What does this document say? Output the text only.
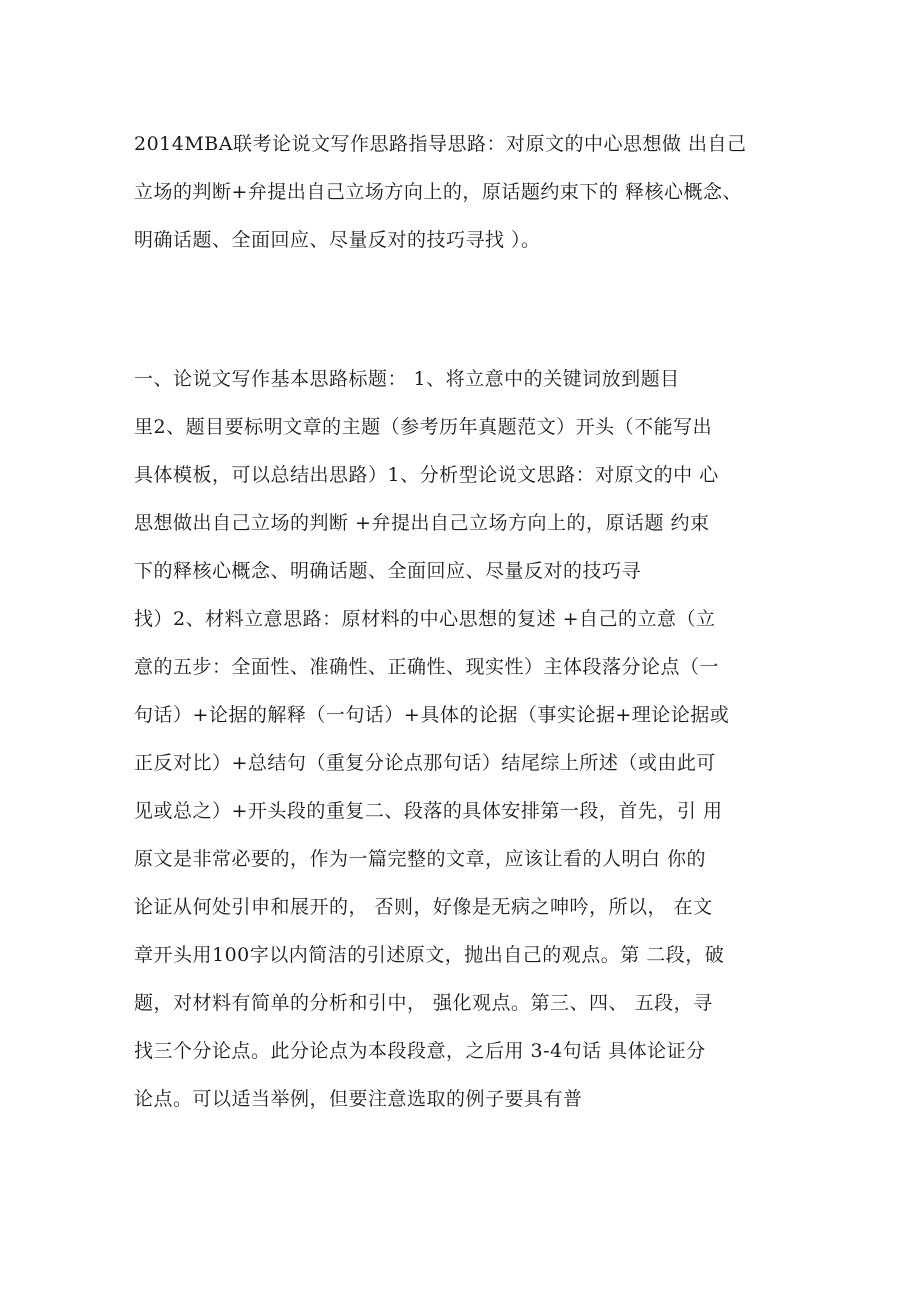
2014MBA联考论说文写作思路指导思路：对原文的中心思想做 出自己
立场的判断+弁提出自己立场方向上的，原话题约束下的 释核心概念、
明确话题、全面回应、尽量反对的技巧寻找 ）。
一、论说文写作基本思路标题： 1、将立意中的关键词放到题目
里2、题目要标明文章的主题（参考历年真题范文）开头（不能写出
具体模板，可以总结出思路）1、分析型论说文思路：对原文的中 心
思想做出自己立场的判断 +弁提出自己立场方向上的，原话题 约束
下的释核心概念、明确话题、全面回应、尽量反对的技巧寻
找）2、材料立意思路：原材料的中心思想的复述 +自己的立意（立
意的五步：全面性、准确性、正确性、现实性）主体段落分论点（一
句话）+论据的解释（一句话）+具体的论据（事实论据+理论论据或
正反对比）+总结句（重复分论点那句话）结尾综上所述（或由此可
见或总之）+开头段的重复二、段落的具体安排第一段，首先，引 用
原文是非常必要的，作为一篇完整的文章，应该让看的人明白 你的
论证从何处引申和展开的， 否则，好像是无病之呻吟，所以， 在文
章开头用100字以内简洁的引述原文，抛出自己的观点。第 二段，破
题，对材料有简单的分析和引中， 强化观点。第三、四、 五段，寻
找三个分论点。此分论点为本段段意，之后用 3-4句话 具体论证分
论点。可以适当举例，但要注意选取的例子要具有普
